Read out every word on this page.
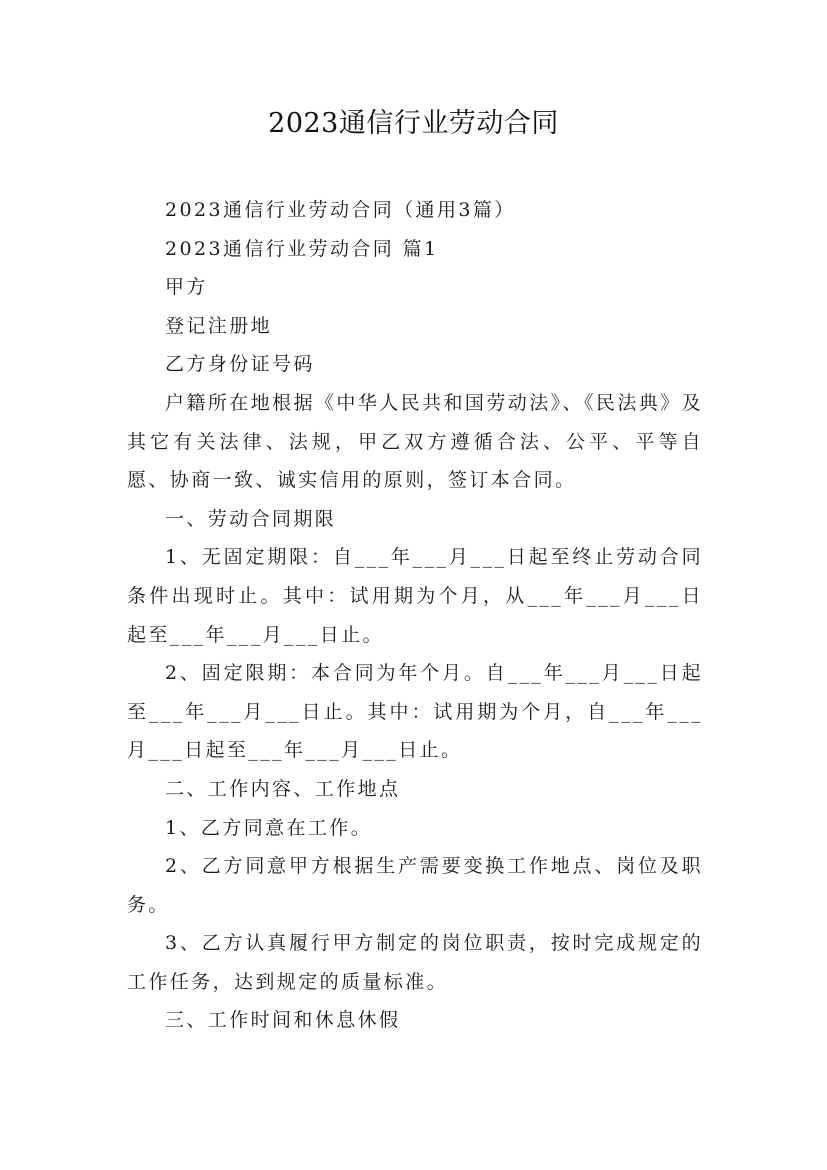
2023通信行业劳动合同

2023通信行业劳动合同（通用3篇）

2023通信行业劳动合同 篇1

甲方

登记注册地

乙方身份证号码

户籍所在地根据《中华人民共和国劳动法》、《民法典》及其它有关法律、法规，甲乙双方遵循合法、公平、平等自愿、协商一致、诚实信用的原则，签订本合同。

一、劳动合同期限

1、无固定期限：自___年___月___日起至终止劳动合同条件出现时止。其中：试用期为个月，从___年___月___日起至___年___月___日止。

2、固定限期：本合同为年个月。自___年___月___日起至___年___月___日止。其中：试用期为个月，自___年___月___日起至___年___月___日止。

二、工作内容、工作地点

1、乙方同意在工作。

2、乙方同意甲方根据生产需要变换工作地点、岗位及职务。

3、乙方认真履行甲方制定的岗位职责，按时完成规定的工作任务，达到规定的质量标准。

三、工作时间和休息休假
